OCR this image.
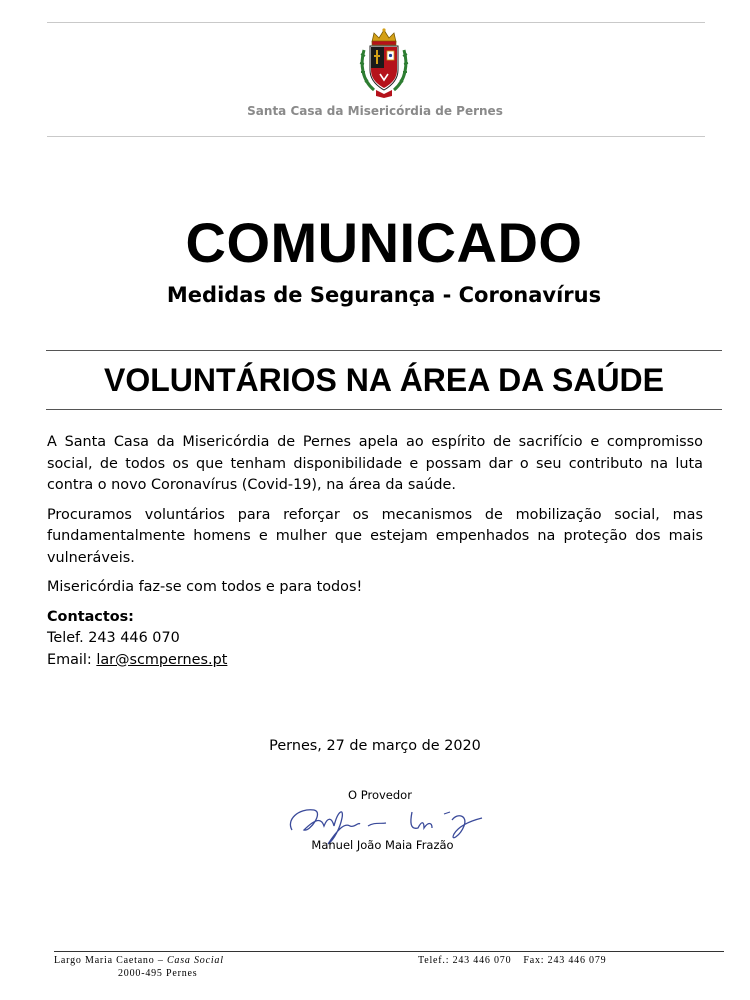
Santa Casa da Misericórdia de Pernes
COMUNICADO
Medidas de Segurança - Coronavírus
VOLUNTÁRIOS NA ÁREA DA SAÚDE

A Santa Casa da Misericórdia de Pernes apela ao espírito de sacrifício e compromisso social, de todos os que tenham disponibilidade e possam dar o seu contributo na luta contra o novo Coronavírus (Covid-19), na área da saúde.

Procuramos voluntários para reforçar os mecanismos de mobilização social, mas fundamentalmente homens e mulher que estejam empenhados na proteção dos mais vulneráveis.

Misericórdia faz-se com todos e para todos!

Contactos:
Telef. 243 446 070
Email: lar@scmpernes.pt
Pernes, 27 de março de 2020
O Provedor
Manuel João Maia Frazão
Largo Maria Caetano – Casa Social
2000-495 Pernes
Telef.: 243 446 070 Fax: 243 446 079
